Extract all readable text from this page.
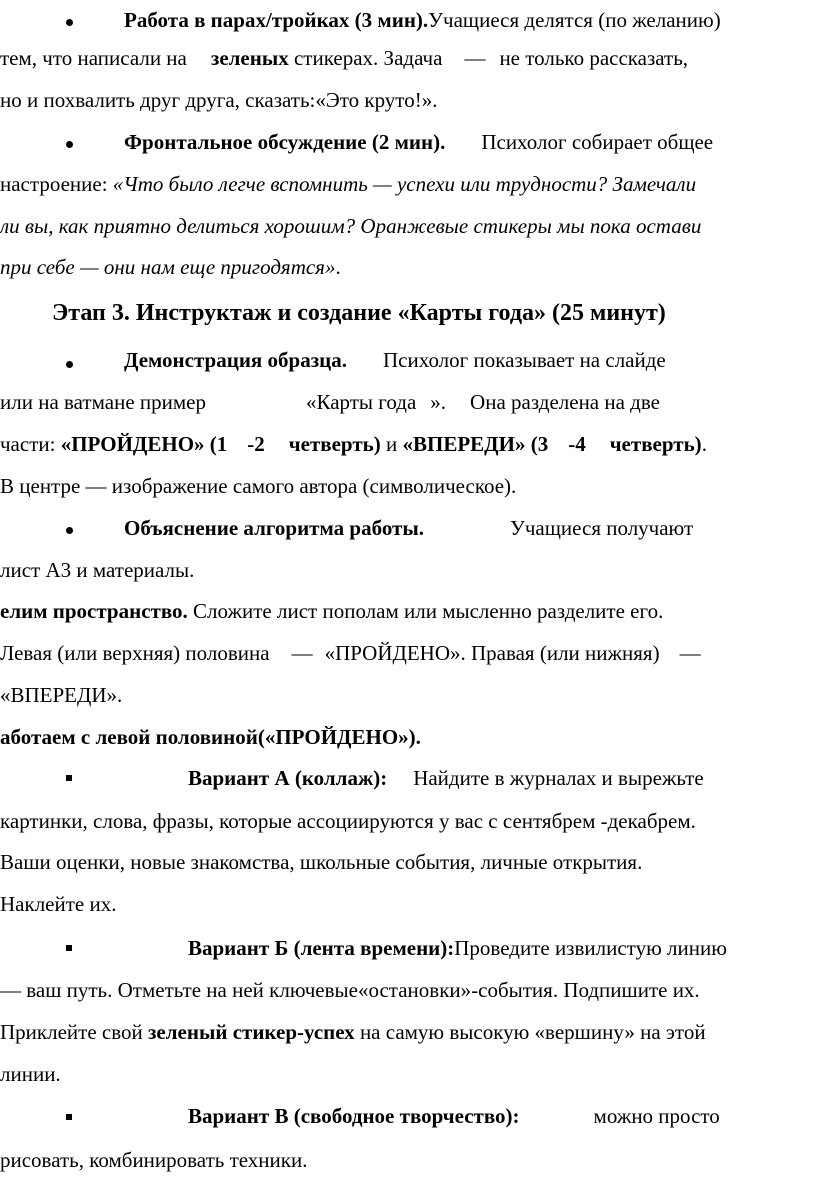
Работа в парах/тройках (3 мин).Учащиеся делятся (по желанию)
тем, что написали на зеленых стикерах. Задача — не только рассказать,
но и похвалить друг друга, сказать:«Это круто!».
Фронтальное обсуждение (2 мин). Психолог собирает общее
настроение: «Что было легче вспомнить — успехи или трудности? Замечали
ли вы, как приятно делиться хорошим? Оранжевые стикеры мы пока остави
при себе — они нам еще пригодятся».
Этап 3. Инструктаж и создание «Карты года» (25 минут)
Демонстрация образца. Психолог показывает на слайде
или на ватмане пример	«Карты года ». Она разделена на две
части: «ПРОЙДЕНО» (1 -2 четверть) и «ВПЕРЕДИ» (3 -4 четверть).
В центре — изображение самого автора (символическое).
Объяснение алгоритма работы.	Учащиеся получают
лист А3 и материалы.
елим пространство. Сложите лист пополам или мысленно разделите его.
Левая (или верхняя) половина — «ПРОЙДЕНО». Правая (или нижняя) —
«ВПЕРЕДИ».
аботаем с левой половиной(«ПРОЙДЕНО»).
Вариант А (коллаж): Найдите в журналах и вырежьте
картинки, слова, фразы, которые ассоциируются у вас с сентябрем -декабрем.
Ваши оценки, новые знакомства, школьные события, личные открытия.
Наклейте их.
Вариант Б (лента времени):Проведите извилистую линию
— ваш путь. Отметьте на ней ключевые«остановки»-события. Подпишите их.
Приклейте свой зеленый стикер-успех на самую высокую «вершину» на этой
линии.
Вариант В (свободное творчество):	можно просто
рисовать, комбинировать техники.
